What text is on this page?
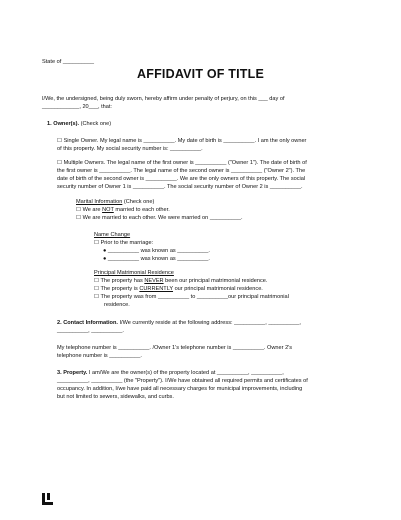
State of __________
AFFIDAVIT OF TITLE
I/We, the undersigned, being duly sworn, hereby affirm under penalty of perjury, on this ___ day of
____________, 20___, that:
1. Owner(s). (Check one)
☐ Single Owner. My legal name is __________. My date of birth is __________. I am the only owner
of this property. My social security number is: __________.
☐ Multiple Owners. The legal name of the first owner is __________ ("Owner 1"). The date of birth of
the first owner is __________. The legal name of the second owner is __________ ("Owner 2"). The
date of birth of the second owner is __________. We are the only owners of this property. The social
security number of Owner 1 is __________. The social security number of Owner 2 is __________.
Marital Information (Check one)
☐ We are NOT married to each other.
☐ We are married to each other. We were married on __________.
Name Change
☐ Prior to the marriage:
● __________ was known as __________.
● __________ was known as __________.
Principal Matrimonial Residence
☐ The property has NEVER been our principal matrimonial residence.
☐ The property is CURRENTLY our principal matrimonial residence.
☐ The property was from __________ to __________our principal matrimonial
residence.
2. Contact Information. I/We currently reside at the following address: __________, __________,
__________, __________.
My telephone number is __________. /Owner 1's telephone number is __________. Owner 2's
telephone number is __________.
3. Property. I am/We are the owner(s) of the property located at __________, __________,
__________, __________ (the "Property"). I/We have obtained all required permits and certificates of
occupancy. In addition, I/we have paid all necessary charges for municipal improvements, including
but not limited to sewers, sidewalks, and curbs.
